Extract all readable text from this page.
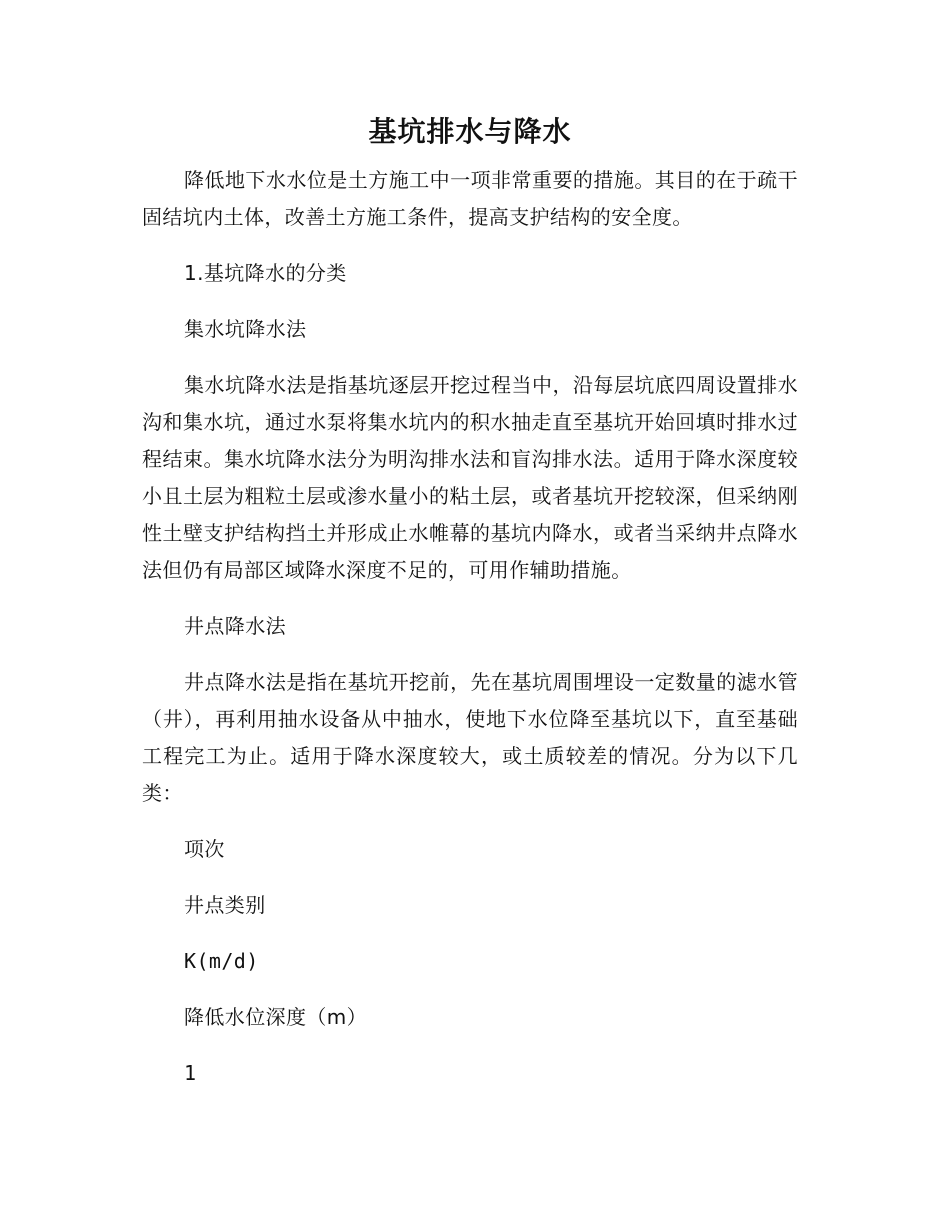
基坑排水与降水

降低地下水水位是土方施工中一项非常重要的措施。其目的在于疏干固结坑内土体，改善土方施工条件，提高支护结构的安全度。

1.基坑降水的分类

集水坑降水法

集水坑降水法是指基坑逐层开挖过程当中，沿每层坑底四周设置排水沟和集水坑，通过水泵将集水坑内的积水抽走直至基坑开始回填时排水过程结束。集水坑降水法分为明沟排水法和盲沟排水法。适用于降水深度较小且土层为粗粒土层或渗水量小的粘土层，或者基坑开挖较深，但采纳刚性土壁支护结构挡土并形成止水帷幕的基坑内降水，或者当采纳井点降水法但仍有局部区域降水深度不足的，可用作辅助措施。

井点降水法

井点降水法是指在基坑开挖前，先在基坑周围埋设一定数量的滤水管（井），再利用抽水设备从中抽水，使地下水位降至基坑以下，直至基础工程完工为止。适用于降水深度较大，或土质较差的情况。分为以下几类：

项次

井点类别

K(m/d)

降低水位深度（m）

1
